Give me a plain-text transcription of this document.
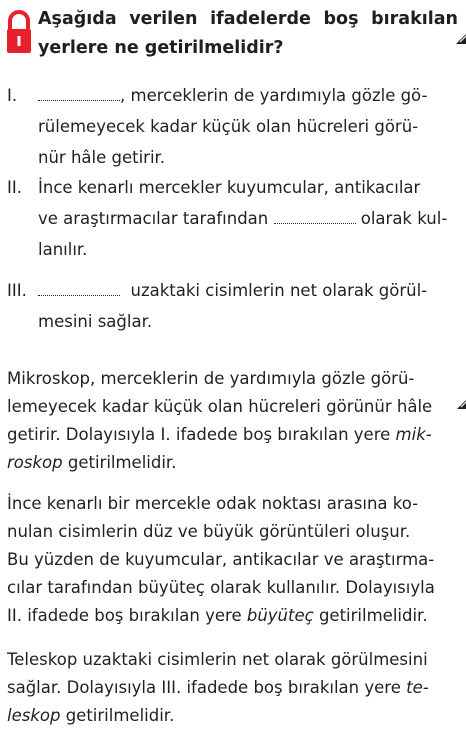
Aşağıda verilen ifadelerde boş bırakılan
yerlere ne getirilmelidir?
I.	, merceklerin de yardımıyla gözle gö-
rülemeyecek kadar küçük olan hücreleri görü-
nür hâle getirir.
II. İnce kenarlı mercekler kuyumcular, antikacılar
ve araştırmacılar tarafından	olarak kul-
lanılır.
III.	uzaktaki cisimlerin net olarak görül-
mesini sağlar.
Mikroskop, merceklerin de yardımıyla gözle görü-
lemeyecek kadar küçük olan hücreleri görünür hâle
getirir. Dolayısıyla I. ifadede boş bırakılan yere mik-
roskop getirilmelidir.
İnce kenarlı bir mercekle odak noktası arasına ko-
nulan cisimlerin düz ve büyük görüntüleri oluşur.
Bu yüzden de kuyumcular, antikacılar ve araştırma-
cılar tarafından büyüteç olarak kullanılır. Dolayısıyla
II. ifadede boş bırakılan yere büyüteç getirilmelidir.
Teleskop uzaktaki cisimlerin net olarak görülmesini
sağlar. Dolayısıyla III. ifadede boş bırakılan yere te-
leskop getirilmelidir.
